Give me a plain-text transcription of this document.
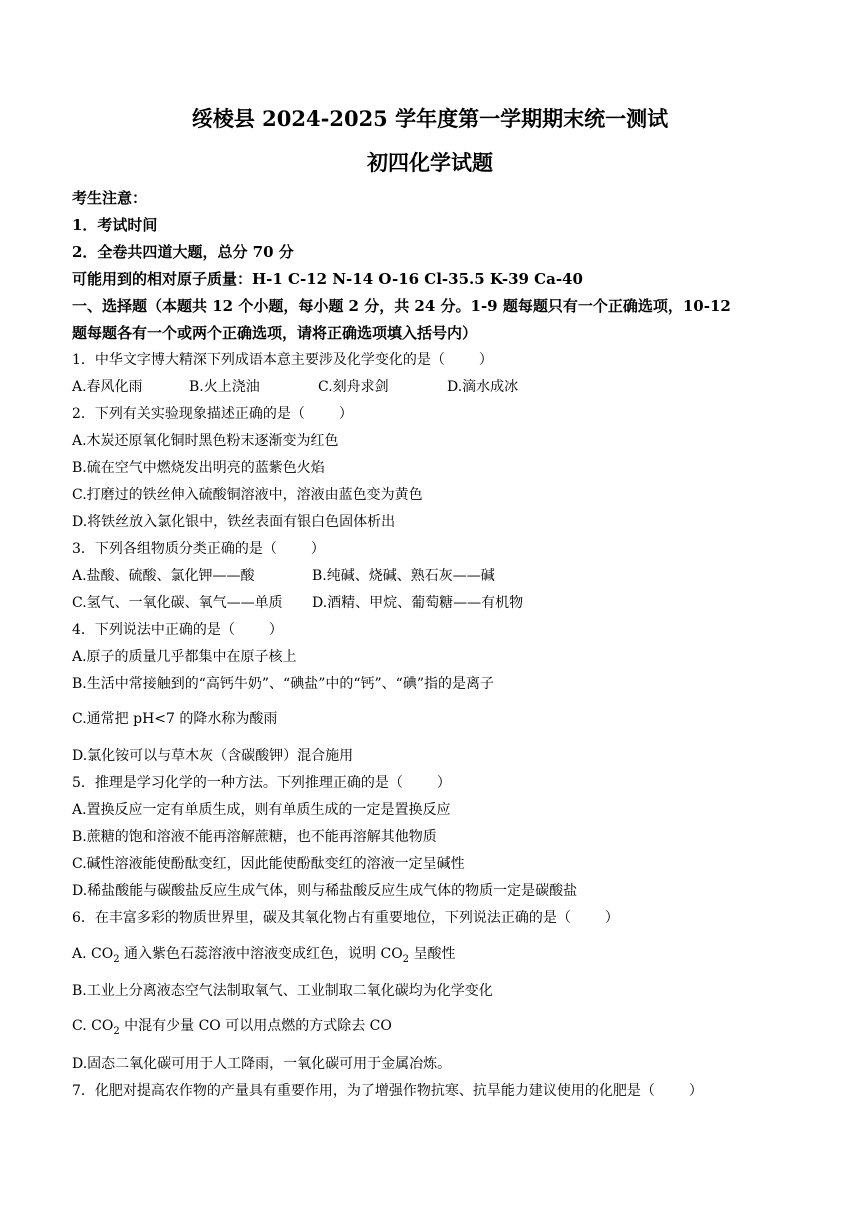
绥棱县 2024-2025 学年度第一学期期末统一测试
初四化学试题
考生注意：
1．考试时间
2．全卷共四道大题，总分 70 分
可能用到的相对原子质量：H-1 C-12 N-14 O-16 Cl-35.5 K-39 Ca-40
一、选择题（本题共 12 个小题，每小题 2 分，共 24 分。1-9 题每题只有一个正确选项，10-12
题每题各有一个或两个正确选项，请将正确选项填入括号内）
1．中华文字博大精深下列成语本意主要涉及化学变化的是（ ）
A.春风化雨	B.火上浇油	C.刻舟求剑	D.滴水成冰
2．下列有关实验现象描述正确的是（ ）
A.木炭还原氧化铜时黑色粉末逐渐变为红色
B.硫在空气中燃烧发出明亮的蓝紫色火焰
C.打磨过的铁丝伸入硫酸铜溶液中，溶液由蓝色变为黄色
D.将铁丝放入氯化银中，铁丝表面有银白色固体析出
3．下列各组物质分类正确的是（ ）
A.盐酸、硫酸、氯化钾——酸	B.纯碱、烧碱、熟石灰——碱
C.氢气、一氧化碳、氧气——单质 D.酒精、甲烷、葡萄糖——有机物
4．下列说法中正确的是（ ）
A.原子的质量几乎都集中在原子核上
B.生活中常接触到的“高钙牛奶”、“碘盐”中的“钙”、“碘”指的是离子
C.通常把 pH<7 的降水称为酸雨
D.氯化铵可以与草木灰（含碳酸钾）混合施用
5．推理是学习化学的一种方法。下列推理正确的是（ ）
A.置换反应一定有单质生成，则有单质生成的一定是置换反应
B.蔗糖的饱和溶液不能再溶解蔗糖，也不能再溶解其他物质
C.碱性溶液能使酚酞变红，因此能使酚酞变红的溶液一定呈碱性
D.稀盐酸能与碳酸盐反应生成气体，则与稀盐酸反应生成气体的物质一定是碳酸盐
6．在丰富多彩的物质世界里，碳及其氧化物占有重要地位，下列说法正确的是（ ）
A. $CO_2$ 通入紫色石蕊溶液中溶液变成红色，说明 $CO_2$ 呈酸性
B.工业上分离液态空气法制取氧气、工业制取二氧化碳均为化学变化
C. $CO_2$ 中混有少量 CO 可以用点燃的方式除去 CO
D.固态二氧化碳可用于人工降雨，一氧化碳可用于金属冶炼。
7．化肥对提高农作物的产量具有重要作用，为了增强作物抗寒、抗旱能力建议使用的化肥是（ ）
